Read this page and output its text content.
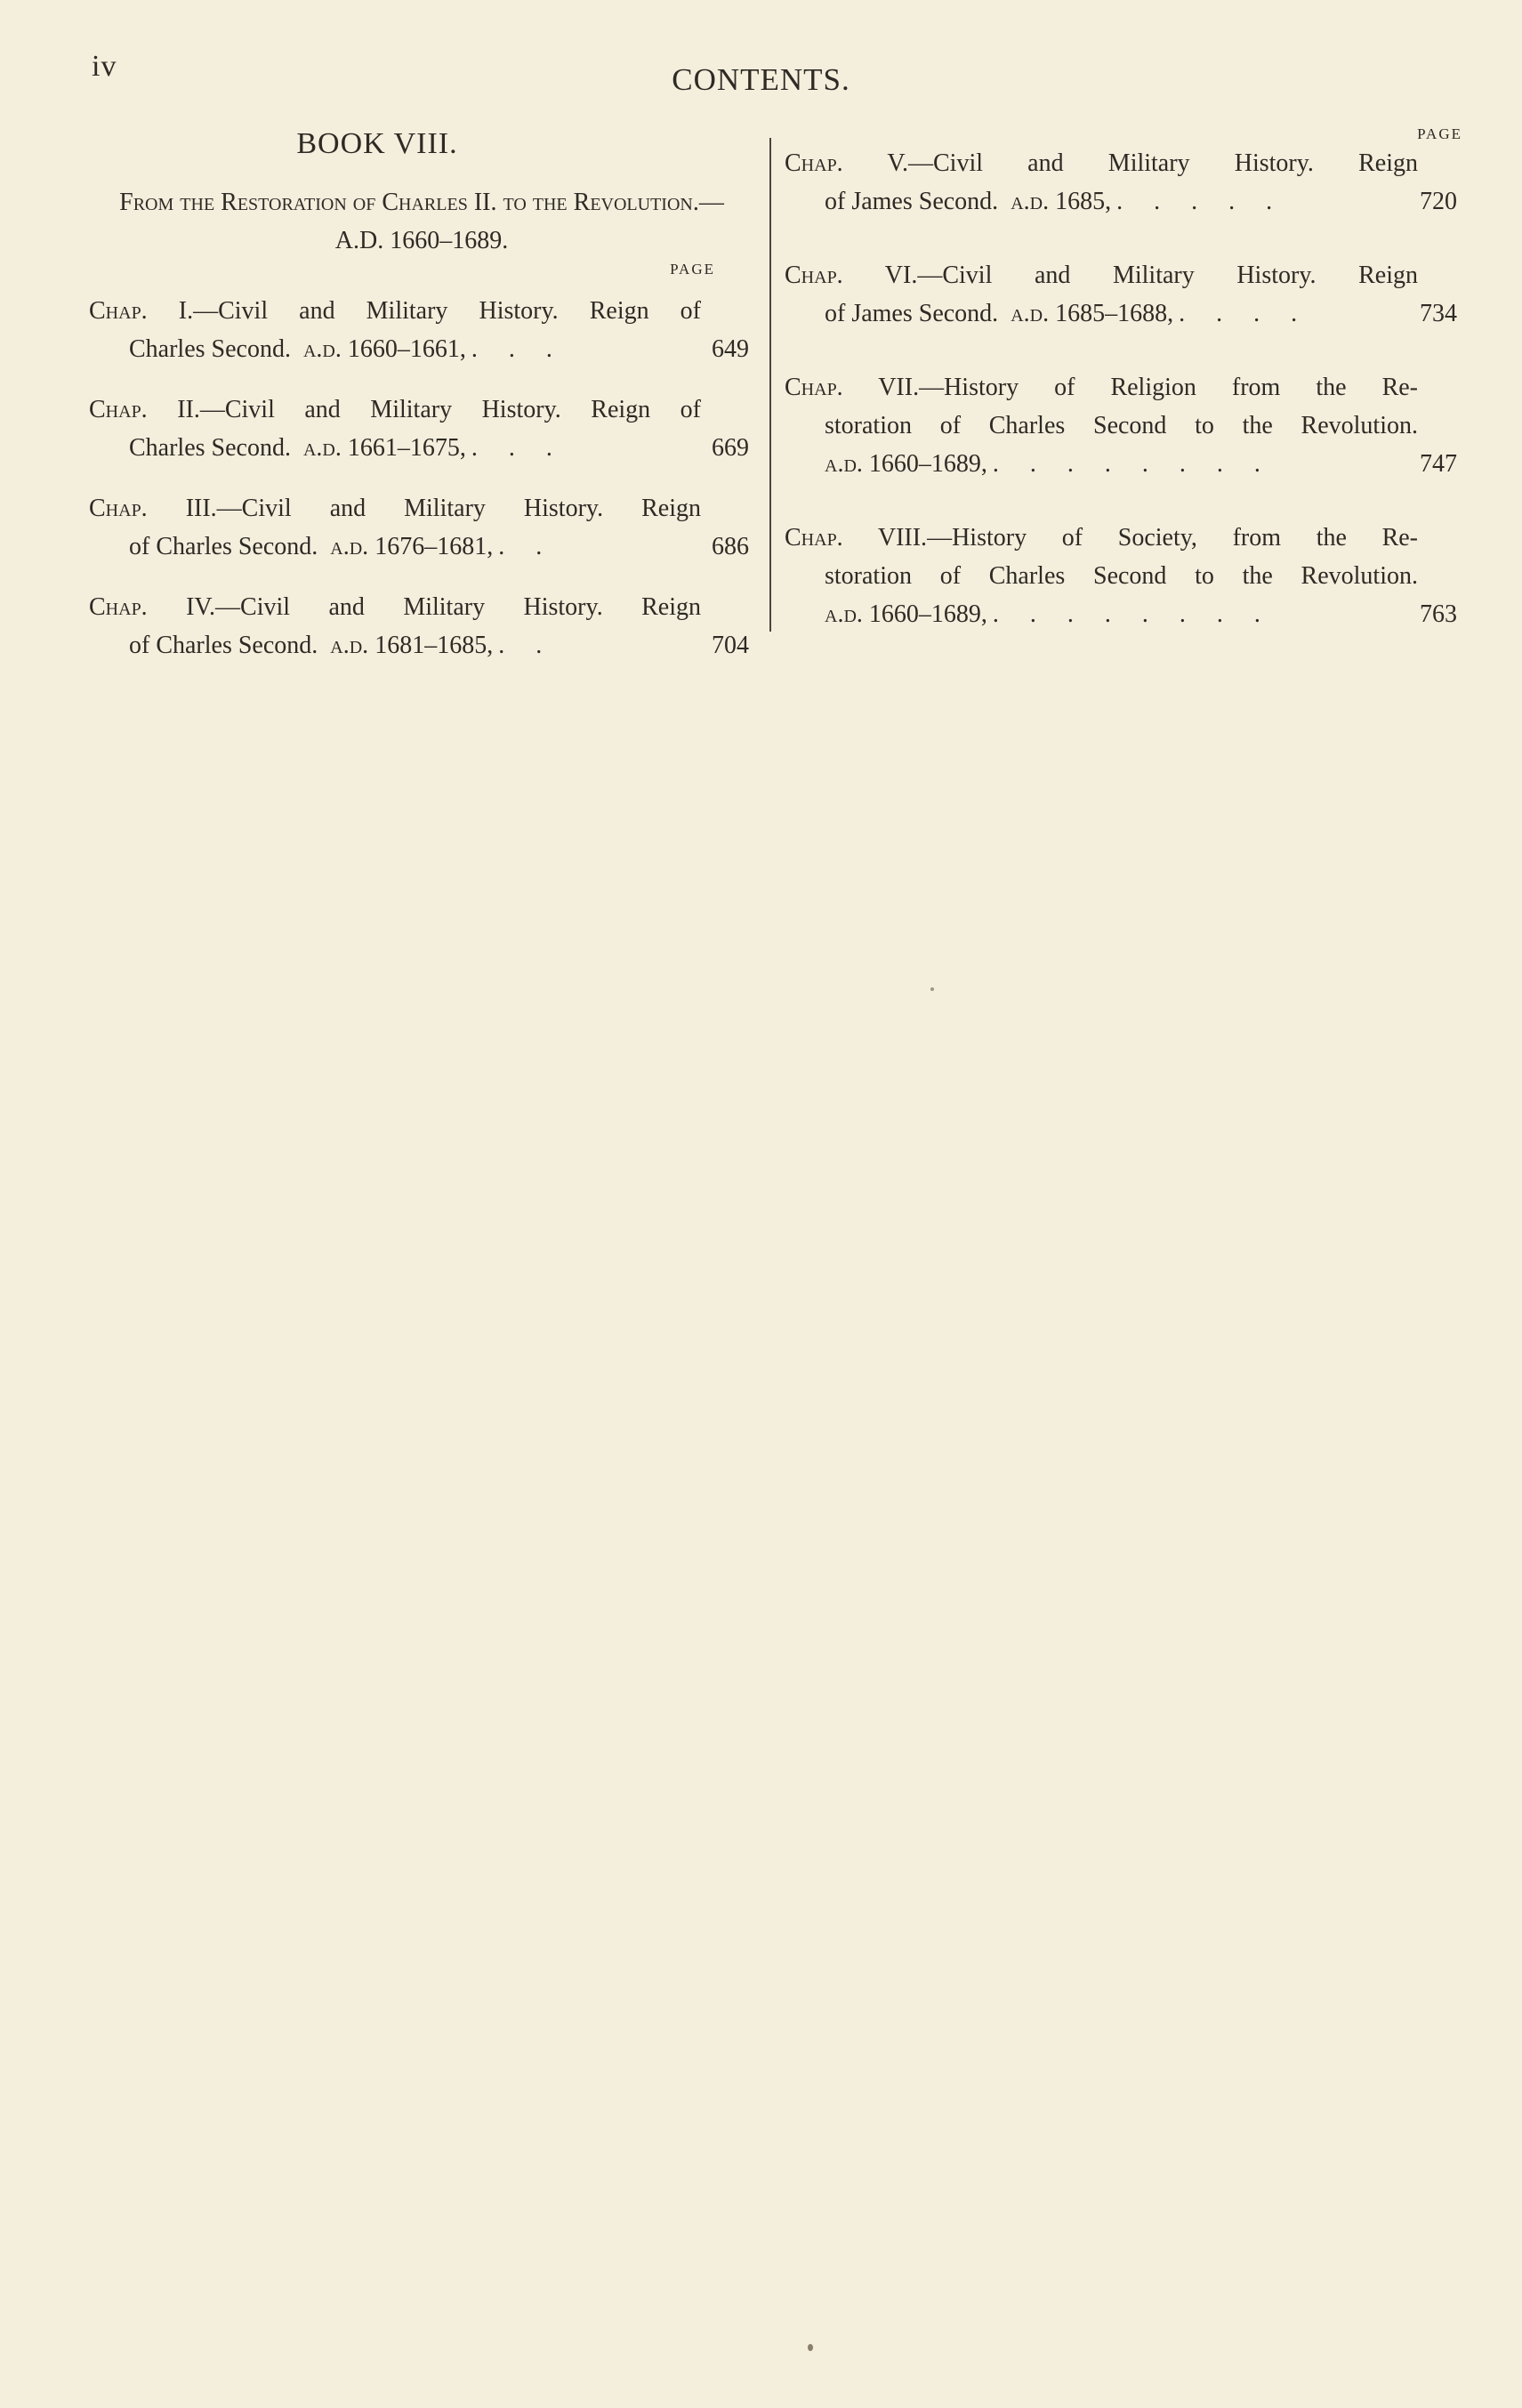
iv	CONTENTS.
BOOK VIII.
From the Restoration of Charles II. to the Revolution.—A.D. 1660–1689.
PAGE
Chap. I.—Civil and Military History. Reign of
Charles Second. a.d. 1660–1661, . . .	649
Chap. II.—Civil and Military History. Reign of
Charles Second. a.d. 1661–1675, . . .	669
Chap. III.—Civil and Military History. Reign
of Charles Second. a.d. 1676–1681, . .	686
Chap. IV.—Civil and Military History. Reign
of Charles Second. a.d. 1681–1685, . .	704
PAGE
Chap. V.—Civil and Military History. Reign
of James Second. a.d. 1685, . . . . .	720
Chap. VI.—Civil and Military History. Reign
of James Second. a.d. 1685–1688, . . . .	734
Chap. VII.—History of Religion from the Re-
storation of Charles Second to the Revolution.
a.d. 1660–1689, . . . . . . . .	747
Chap. VIII.—History of Society, from the Re-
storation of Charles Second to the Revolution.
a.d. 1660–1689, . . . . . . . .	763
